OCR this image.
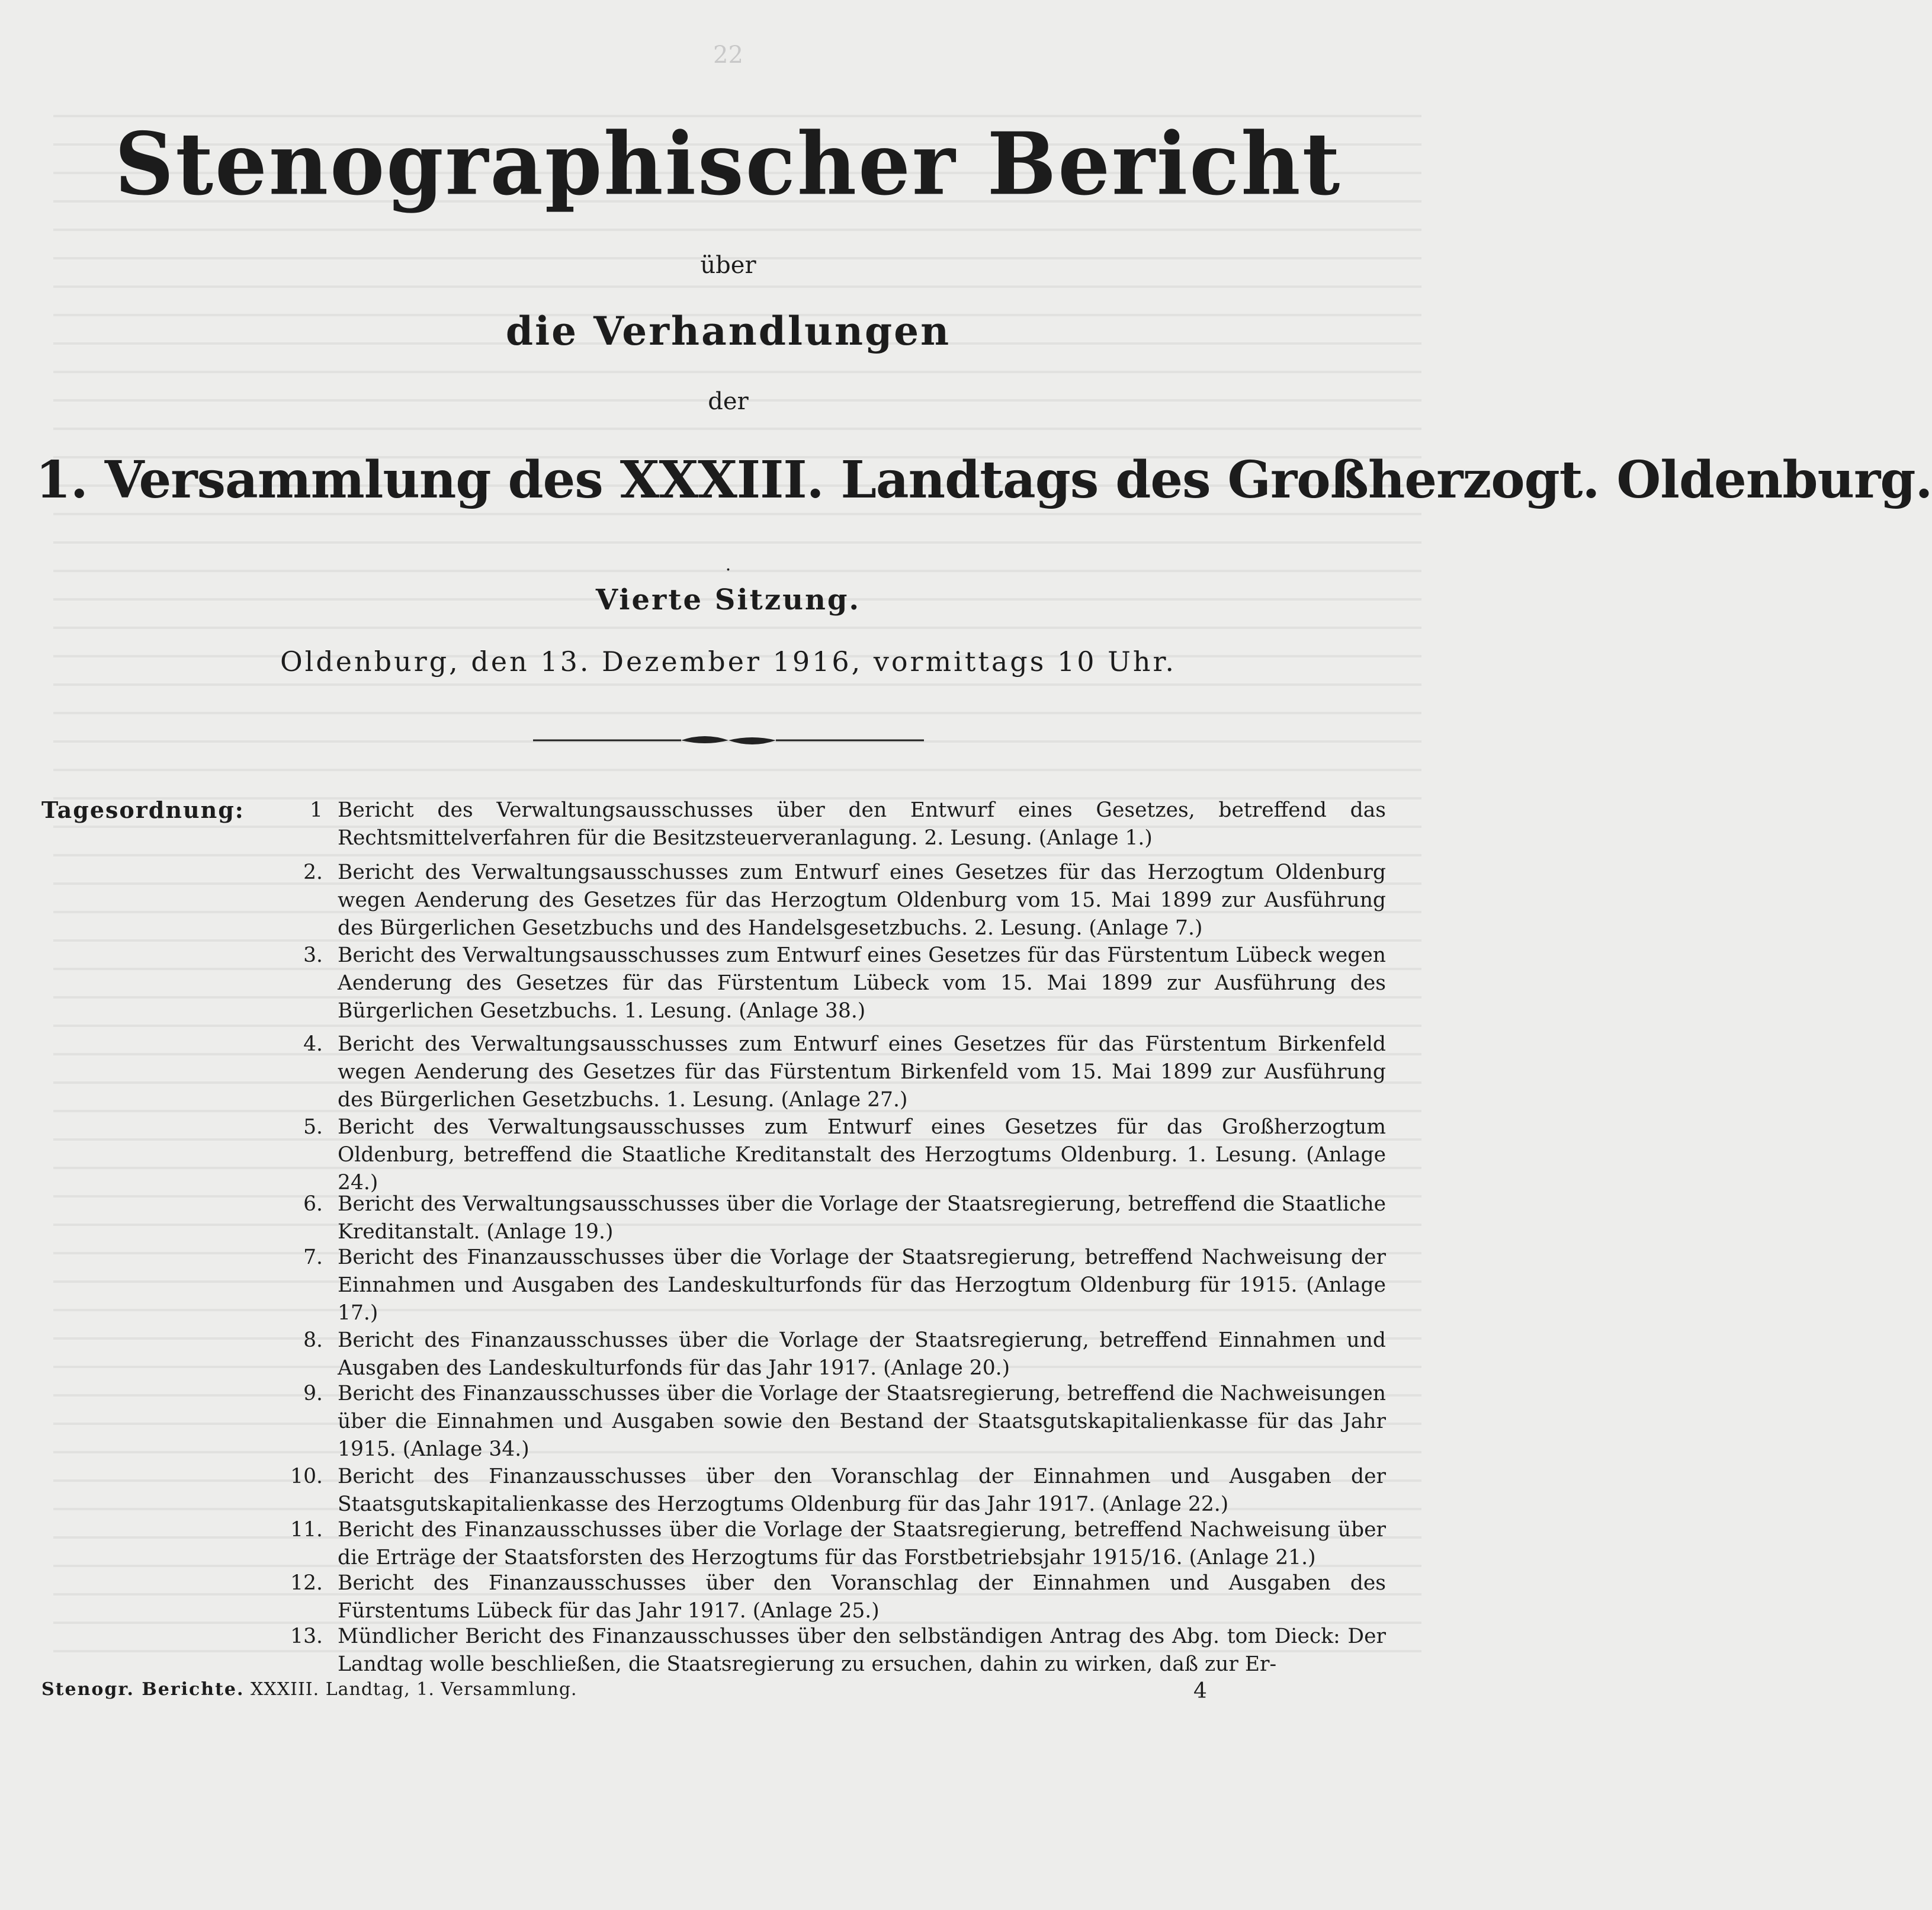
22
Stenographischer Bericht
über
die Verhandlungen
der
1. Versammlung des XXXIII. Landtags des Großherzogt. Oldenburg.
·
Vierte Sitzung.
Oldenburg, den 13. Dezember 1916, vormittags 10 Uhr.
Tagesordnung:	1 Bericht des Verwaltungsausschusses über den Entwurf eines Gesetzes, betreffend das Rechtsmittelverfahren für die Besitzsteuerveranlagung. 2. Lesung. (Anlage 1.)
2. Bericht des Verwaltungsausschusses zum Entwurf eines Gesetzes für das Herzogtum Oldenburg wegen Aenderung des Gesetzes für das Herzogtum Oldenburg vom 15. Mai 1899 zur Ausführung des Bürgerlichen Gesetzbuchs und des Handelsgesetzbuchs. 2. Lesung. (Anlage 7.)
3. Bericht des Verwaltungsausschusses zum Entwurf eines Gesetzes für das Fürstentum Lübeck wegen Aenderung des Gesetzes für das Fürstentum Lübeck vom 15. Mai 1899 zur Ausführung des Bürgerlichen Gesetzbuchs. 1. Lesung. (Anlage 38.)
4. Bericht des Verwaltungsausschusses zum Entwurf eines Gesetzes für das Fürstentum Birkenfeld wegen Aenderung des Gesetzes für das Fürstentum Birkenfeld vom 15. Mai 1899 zur Ausführung des Bürgerlichen Gesetzbuchs. 1. Lesung. (Anlage 27.)
5. Bericht des Verwaltungsausschusses zum Entwurf eines Gesetzes für das Großherzogtum Oldenburg, betreffend die Staatliche Kreditanstalt des Herzogtums Oldenburg. 1. Lesung. (Anlage 24.)
6. Bericht des Verwaltungsausschusses über die Vorlage der Staatsregierung, betreffend die Staatliche Kreditanstalt. (Anlage 19.)
7. Bericht des Finanzausschusses über die Vorlage der Staatsregierung, betreffend Nachweisung der Einnahmen und Ausgaben des Landeskulturfonds für das Herzogtum Oldenburg für 1915. (Anlage 17.)
8. Bericht des Finanzausschusses über die Vorlage der Staatsregierung, betreffend Einnahmen und Ausgaben des Landeskulturfonds für das Jahr 1917. (Anlage 20.)
9. Bericht des Finanzausschusses über die Vorlage der Staatsregierung, betreffend die Nachweisungen über die Einnahmen und Ausgaben sowie den Bestand der Staatsgutskapitalienkasse für das Jahr 1915. (Anlage 34.)
10. Bericht des Finanzausschusses über den Voranschlag der Einnahmen und Ausgaben der Staatsgutskapitalienkasse des Herzogtums Oldenburg für das Jahr 1917. (Anlage 22.)
11. Bericht des Finanzausschusses über die Vorlage der Staatsregierung, betreffend Nachweisung über die Erträge der Staatsforsten des Herzogtums für das Forstbetriebsjahr 1915/16. (Anlage 21.)
12. Bericht des Finanzausschusses über den Voranschlag der Einnahmen und Ausgaben des Fürstentums Lübeck für das Jahr 1917. (Anlage 25.)
13. Mündlicher Bericht des Finanzausschusses über den selbständigen Antrag des Abg. tom Dieck: Der Landtag wolle beschließen, die Staatsregierung zu ersuchen, dahin zu wirken, daß zur Er-
Stenogr. Berichte. XXXIII. Landtag, 1. Versammlung.	4
